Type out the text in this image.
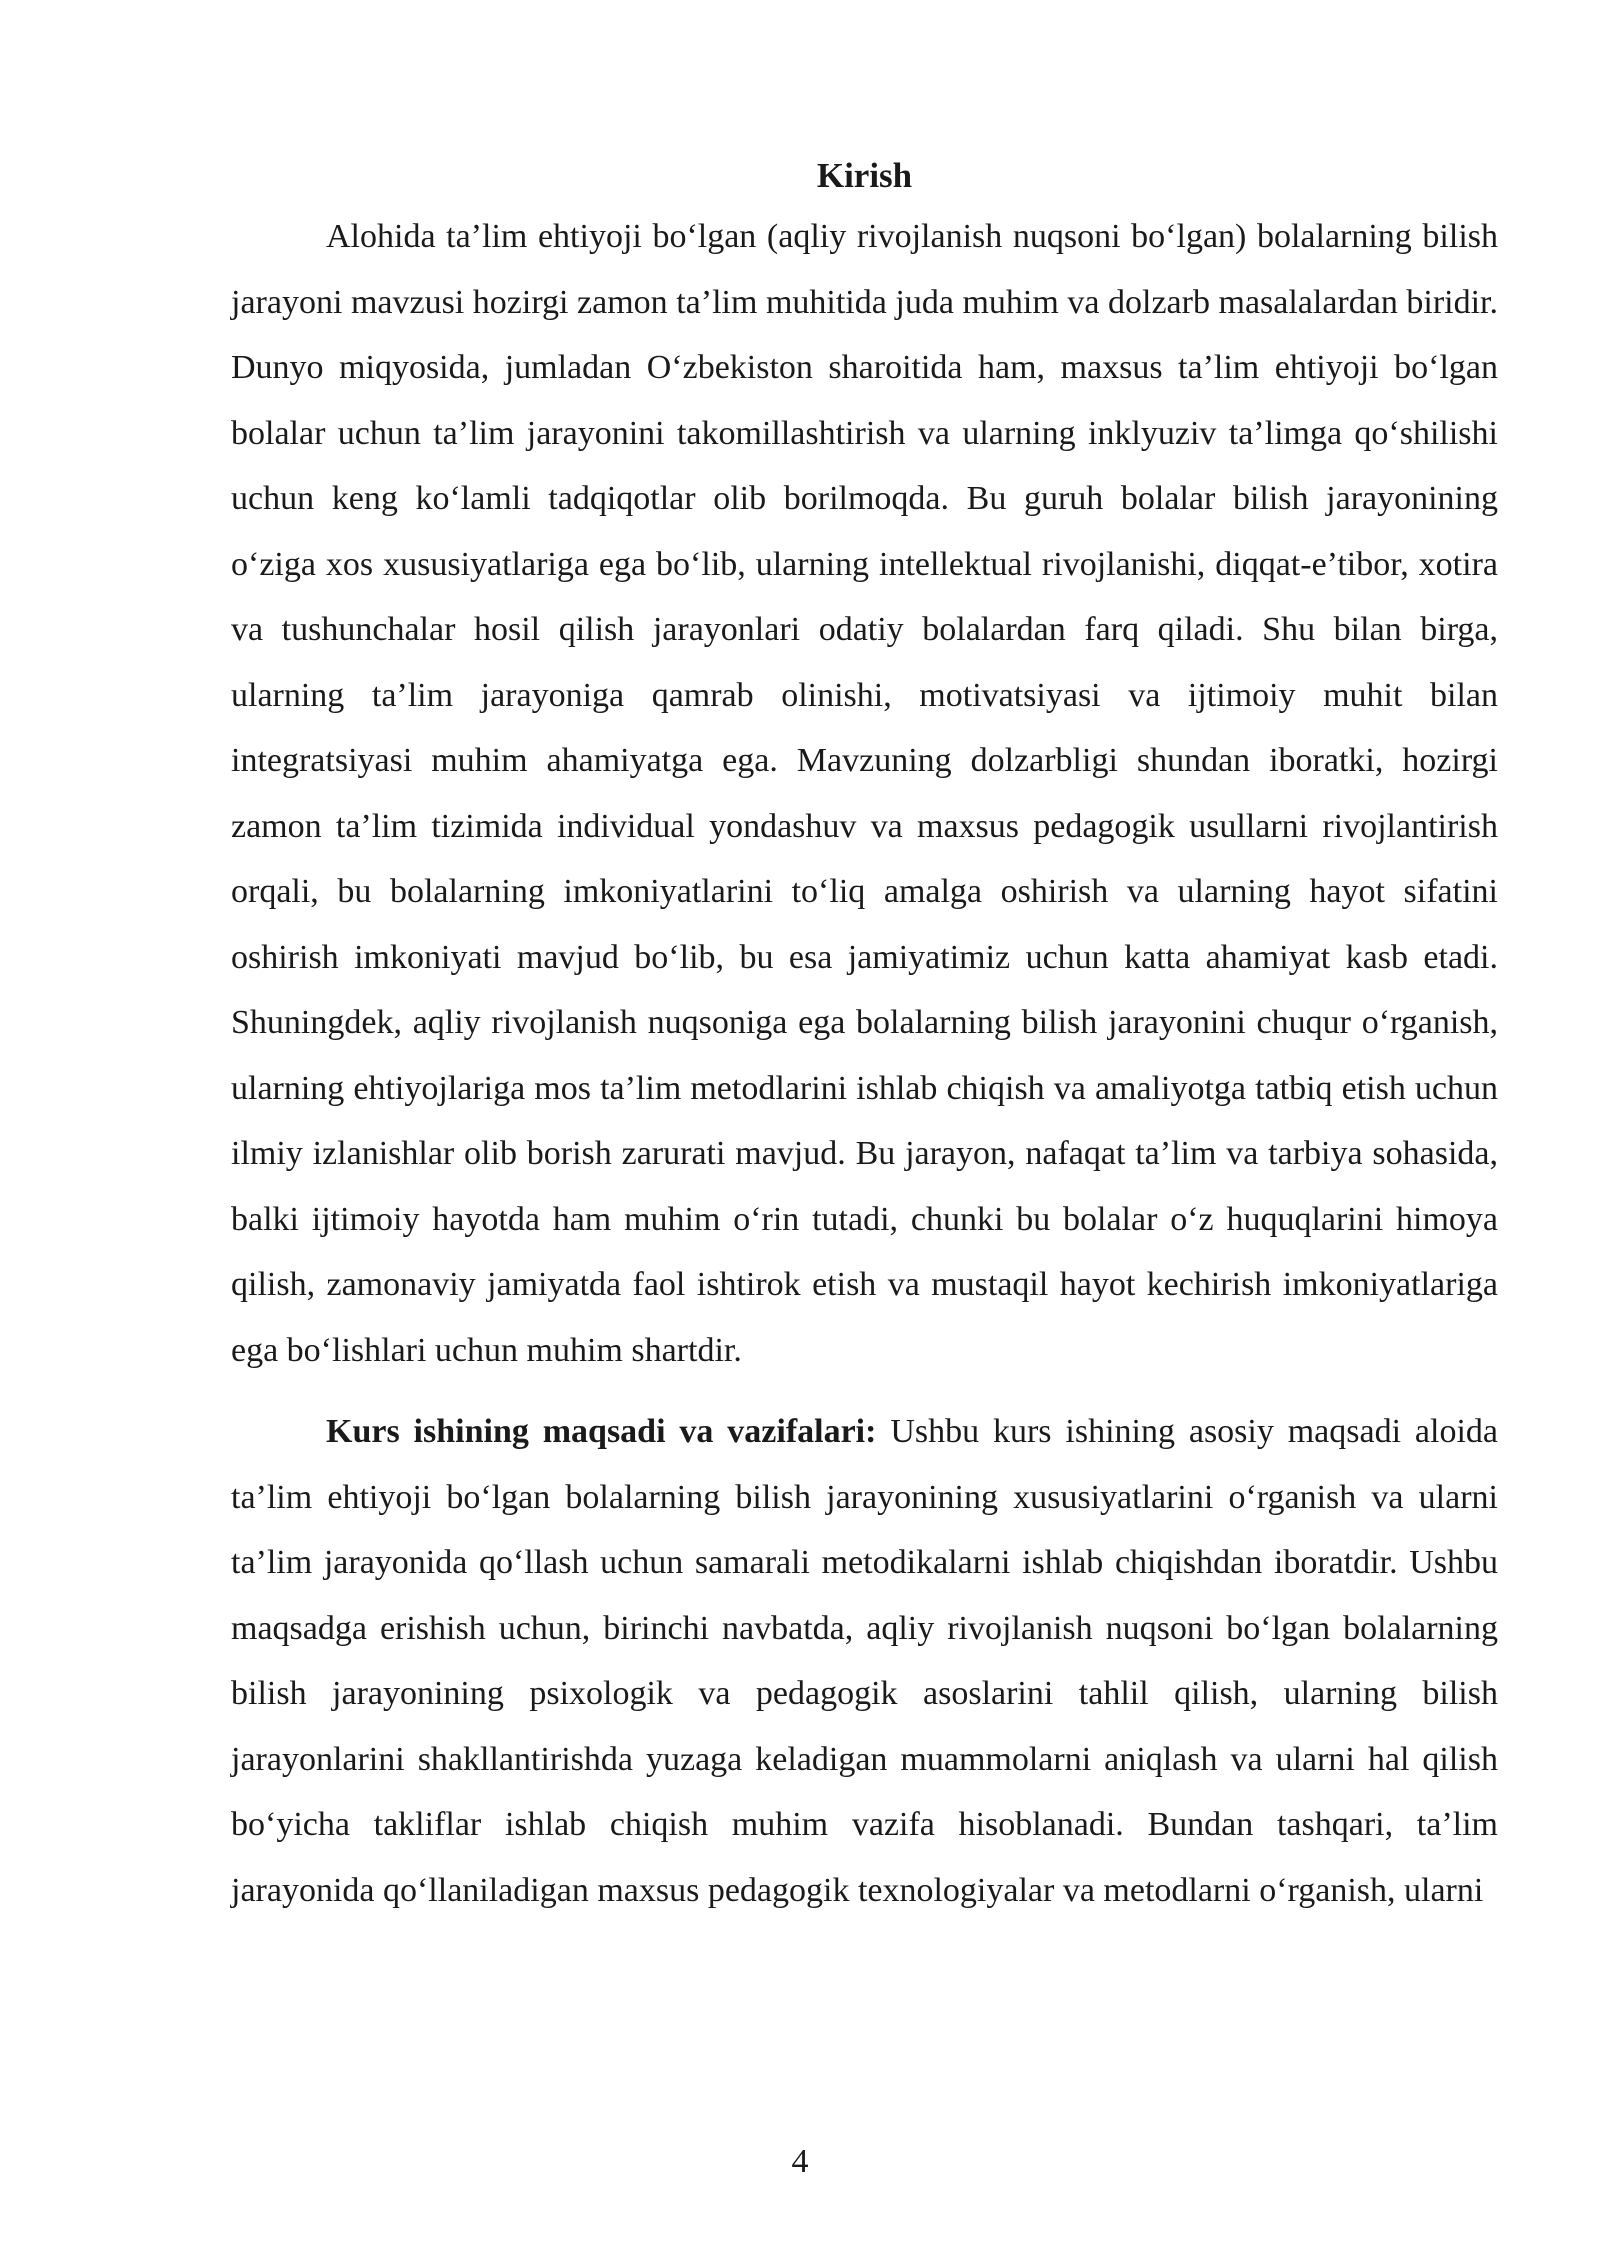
Kirish

Alohida ta’lim ehtiyoji bo‘lgan (aqliy rivojlanish nuqsoni bo‘lgan) bolalarning bilish jarayoni mavzusi hozirgi zamon ta’lim muhitida juda muhim va dolzarb masalalardan biridir. Dunyo miqyosida, jumladan O‘zbekiston sharoitida ham, maxsus ta’lim ehtiyoji bo‘lgan bolalar uchun ta’lim jarayonini takomillashtirish va ularning inklyuziv ta’limga qo‘shilishi uchun keng ko‘lamli tadqiqotlar olib borilmoqda. Bu guruh bolalar bilish jarayonining o‘ziga xos xususiyatlariga ega bo‘lib, ularning intellektual rivojlanishi, diqqat-e’tibor, xotira va tushunchalar hosil qilish jarayonlari odatiy bolalardan farq qiladi. Shu bilan birga, ularning ta’lim jarayoniga qamrab olinishi, motivatsiyasi va ijtimoiy muhit bilan integratsiyasi muhim ahamiyatga ega. Mavzuning dolzarbligi shundan iboratki, hozirgi zamon ta’lim tizimida individual yondashuv va maxsus pedagogik usullarni rivojlantirish orqali, bu bolalarning imkoniyatlarini to‘liq amalga oshirish va ularning hayot sifatini oshirish imkoniyati mavjud bo‘lib, bu esa jamiyatimiz uchun katta ahamiyat kasb etadi. Shuningdek, aqliy rivojlanish nuqsoniga ega bolalarning bilish jarayonini chuqur o‘rganish, ularning ehtiyojlariga mos ta’lim metodlarini ishlab chiqish va amaliyotga tatbiq etish uchun ilmiy izlanishlar olib borish zarurati mavjud. Bu jarayon, nafaqat ta’lim va tarbiya sohasida, balki ijtimoiy hayotda ham muhim o‘rin tutadi, chunki bu bolalar o‘z huquqlarini himoya qilish, zamonaviy jamiyatda faol ishtirok etish va mustaqil hayot kechirish imkoniyatlariga ega bo‘lishlari uchun muhim shartdir.

Kurs ishining maqsadi va vazifalari: Ushbu kurs ishining asosiy maqsadi aloida ta’lim ehtiyoji bo‘lgan bolalarning bilish jarayonining xususiyatlarini o‘rganish va ularni ta’lim jarayonida qo‘llash uchun samarali metodikalarni ishlab chiqishdan iboratdir. Ushbu maqsadga erishish uchun, birinchi navbatda, aqliy rivojlanish nuqsoni bo‘lgan bolalarning bilish jarayonining psixologik va pedagogik asoslarini tahlil qilish, ularning bilish jarayonlarini shakllantirishda yuzaga keladigan muammolarni aniqlash va ularni hal qilish bo‘yicha takliflar ishlab chiqish muhim vazifa hisoblanadi. Bundan tashqari, ta’lim jarayonida qo‘llaniladigan maxsus pedagogik texnologiyalar va metodlarni o‘rganish, ularni

4
